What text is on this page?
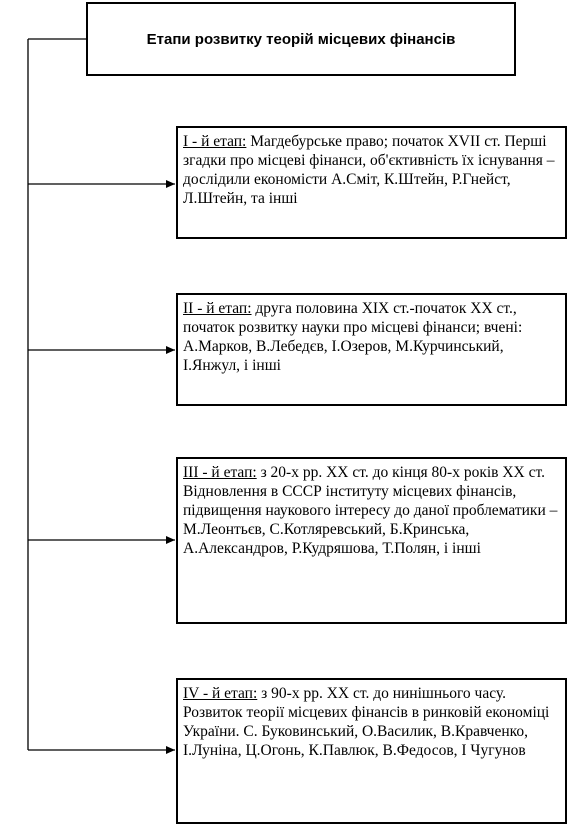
Етапи розвитку теорій місцевих фінансів
I - й етап: Магдебурське право; початок XVII ст. Перші згадки про місцеві фінанси, об'єктивність їх існування – дослідили економісти А.Сміт, К.Штейн, Р.Гнейст, Л.Штейн, та інші
II - й етап: друга половина XIX ст.-початок XX ст., початок розвитку науки про місцеві фінанси; вчені: А.Марков, В.Лебедєв, І.Озеров, М.Курчинський, І.Янжул, і інші
III - й етап: з 20-х рр. XX ст. до кінця 80-х років XX ст. Відновлення в СССР інституту місцевих фінансів, підвищення наукового інтересу до даної проблематики – М.Леонтьєв, С.Котляревський, Б.Кринська, А.Александров, Р.Кудряшова, Т.Полян, і інші
IV - й етап: з 90-х рр. XX ст. до нинішнього часу. Розвиток теорії місцевих фінансів в ринковій економіці України. С. Буковинський, О.Василик, В.Кравченко, І.Луніна, Ц.Огонь, К.Павлюк, В.Федосов, І Чугунов
